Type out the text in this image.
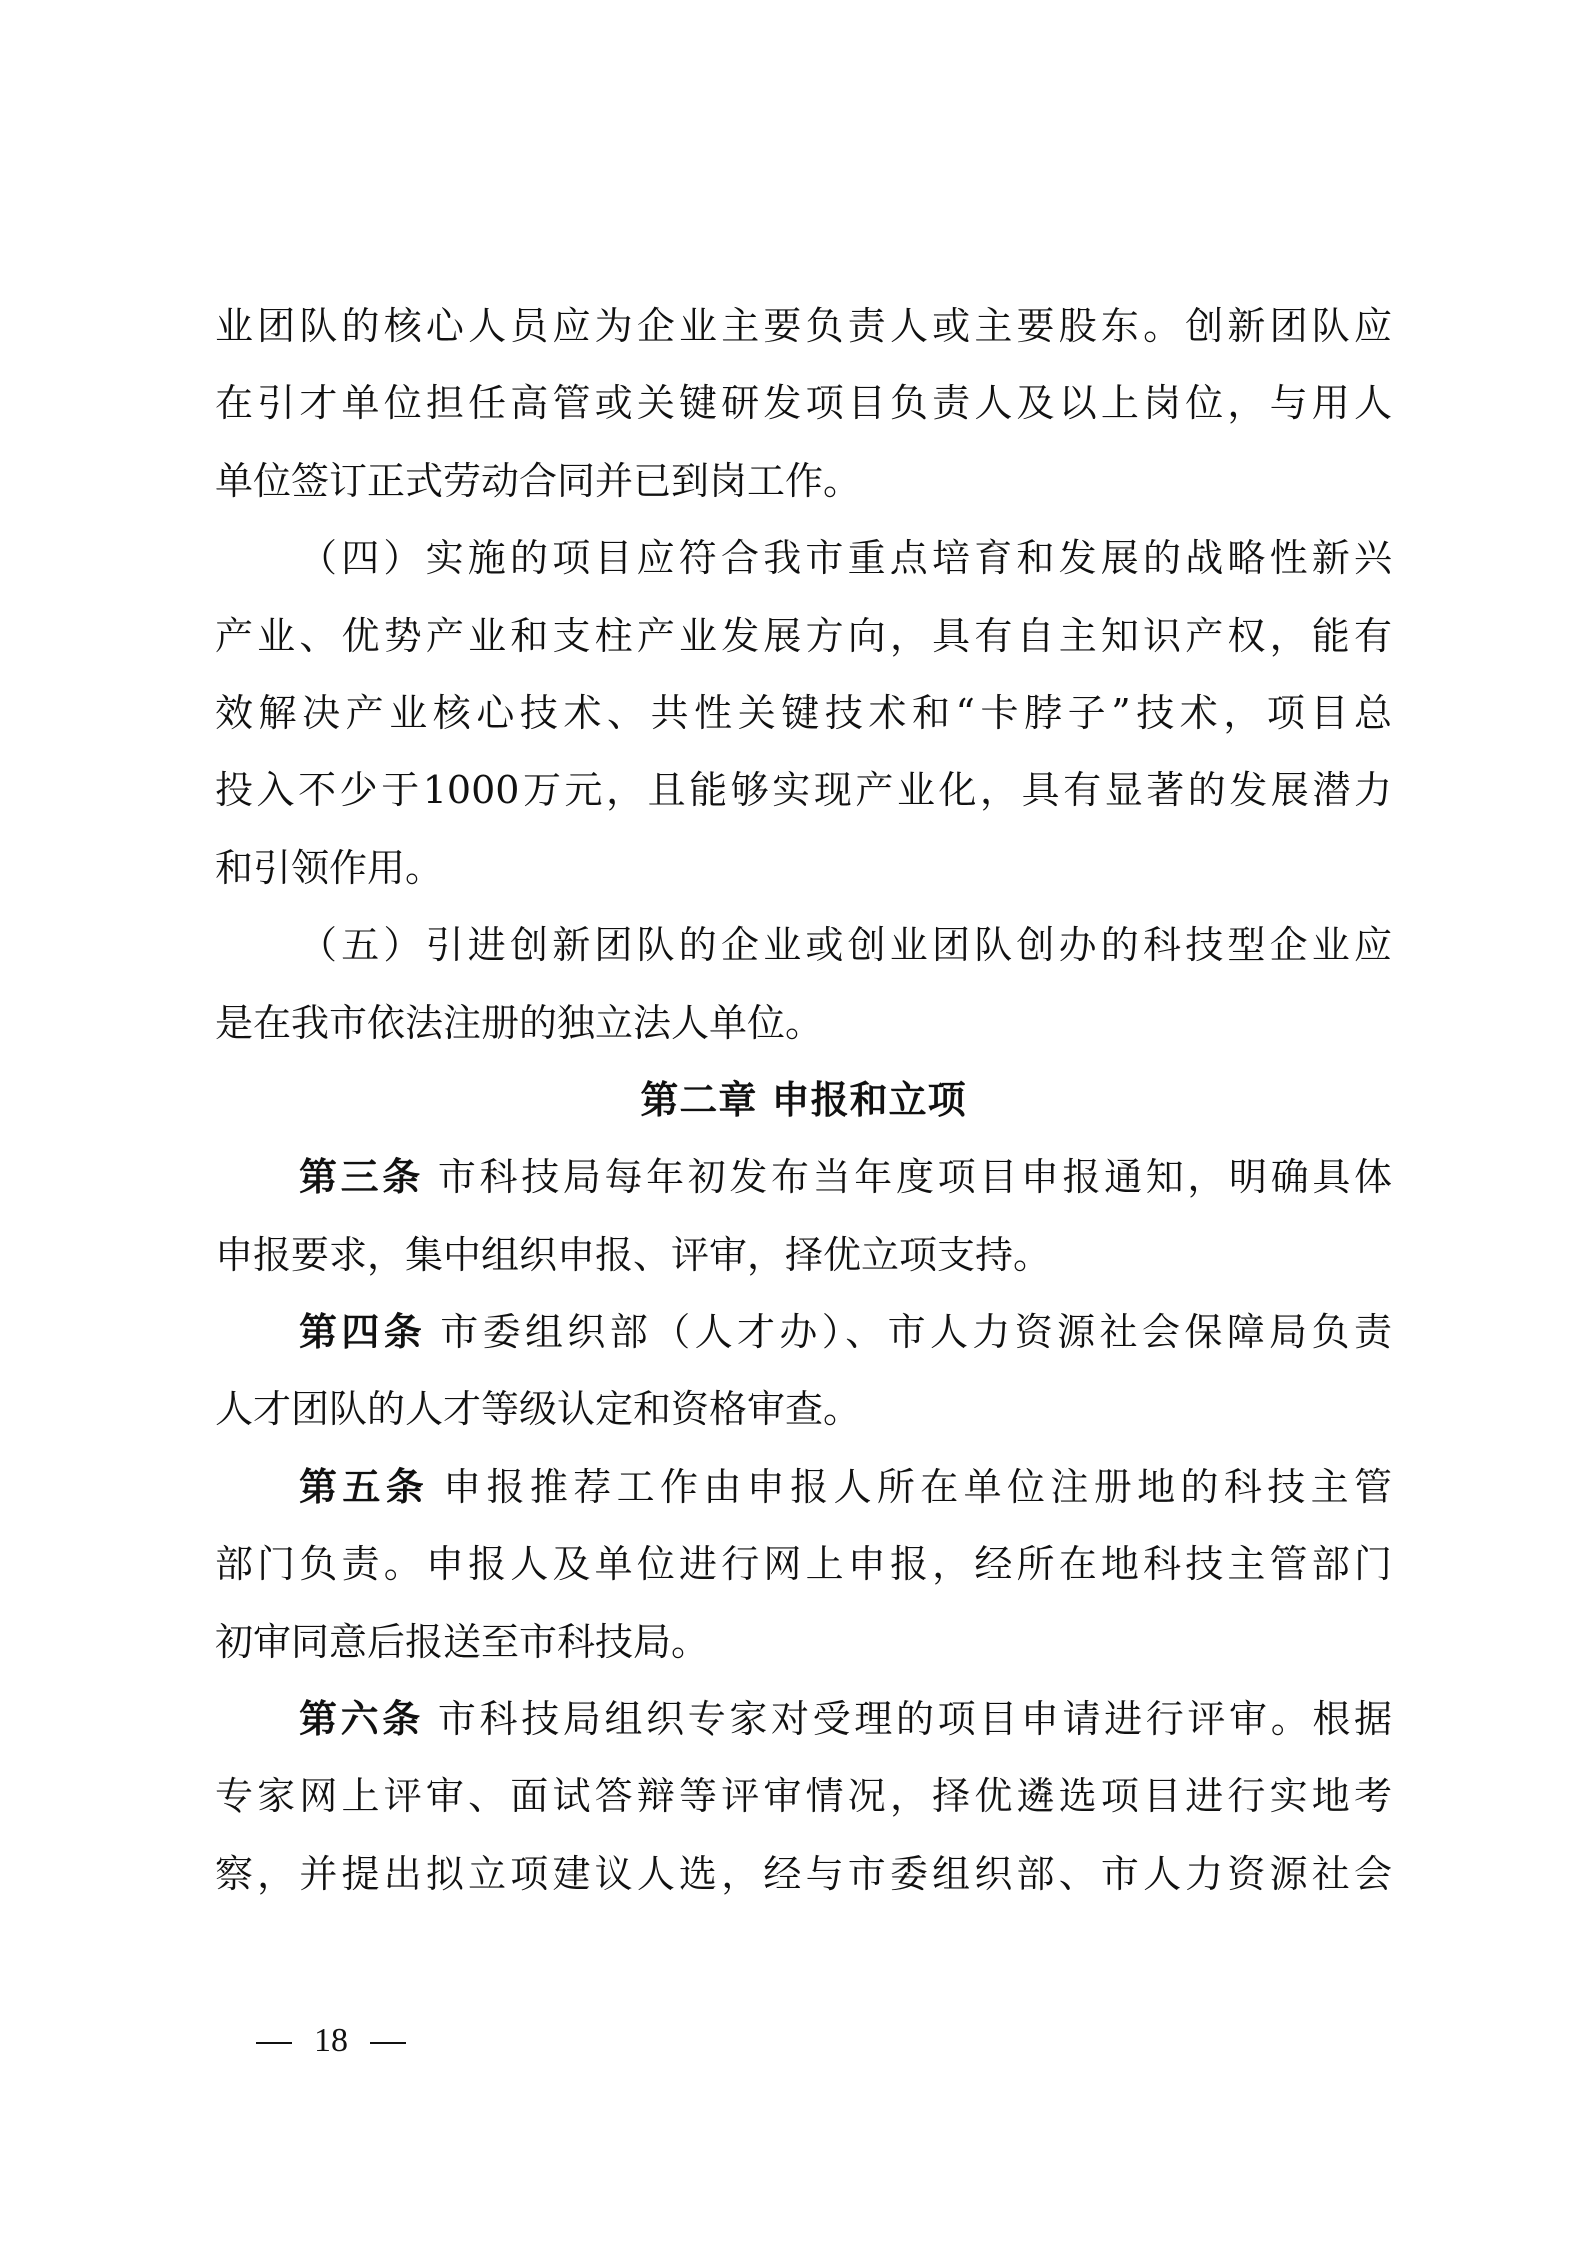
业团队的核心人员应为企业主要负责人或主要股东。创新团队应
在引才单位担任高管或关键研发项目负责人及以上岗位，与用人
单位签订正式劳动合同并已到岗工作。
（四）实施的项目应符合我市重点培育和发展的战略性新兴
产业、优势产业和支柱产业发展方向，具有自主知识产权，能有
效解决产业核心技术、共性关键技术和“卡脖子”技术，项目总
投入不少于1000万元，且能够实现产业化，具有显著的发展潜力
和引领作用。
（五）引进创新团队的企业或创业团队创办的科技型企业应
是在我市依法注册的独立法人单位。
第二章 申报和立项
第三条 市科技局每年初发布当年度项目申报通知，明确具体
申报要求，集中组织申报、评审，择优立项支持。
第四条 市委组织部（人才办）、市人力资源社会保障局负责
人才团队的人才等级认定和资格审查。
第五条 申报推荐工作由申报人所在单位注册地的科技主管
部门负责。申报人及单位进行网上申报，经所在地科技主管部门
初审同意后报送至市科技局。
第六条 市科技局组织专家对受理的项目申请进行评审。根据
专家网上评审、面试答辩等评审情况，择优遴选项目进行实地考
察，并提出拟立项建议人选，经与市委组织部、市人力资源社会
18
